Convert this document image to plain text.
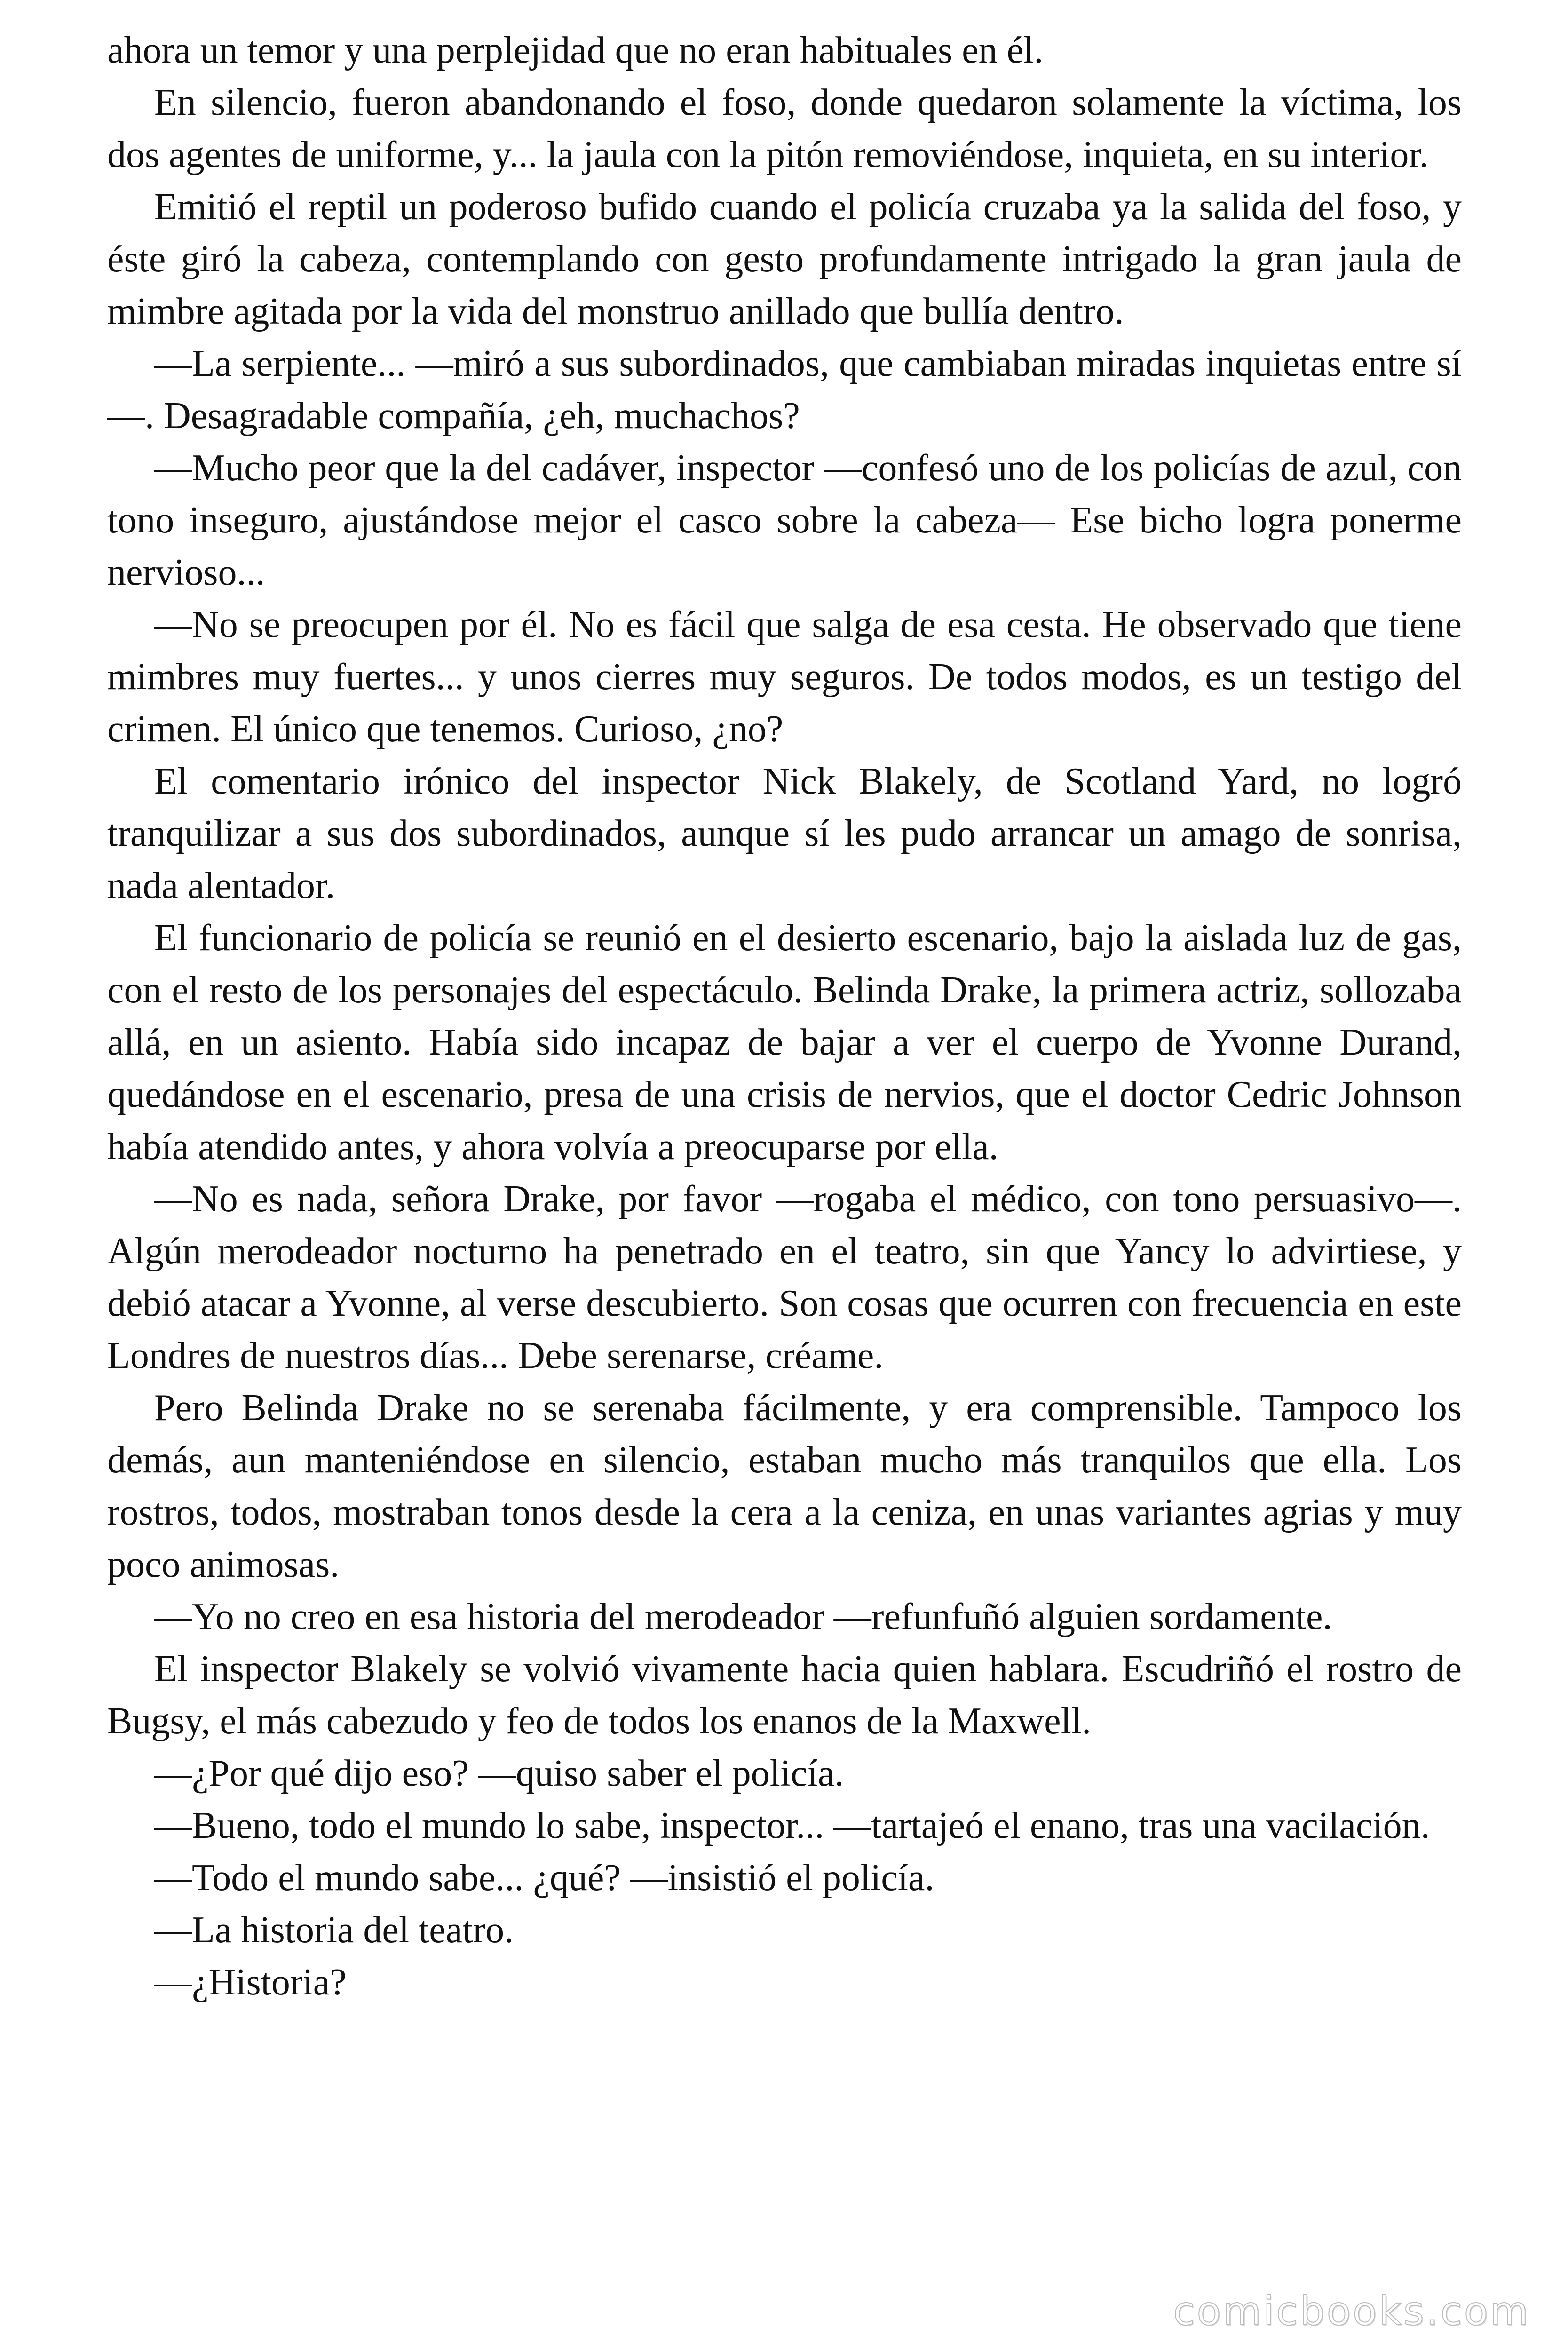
ahora un temor y una perplejidad que no eran habituales en él.

En silencio, fueron abandonando el foso, donde quedaron solamente la víctima, los dos agentes de uniforme, y... la jaula con la pitón removiéndose, inquieta, en su interior.

Emitió el reptil un poderoso bufido cuando el policía cruzaba ya la salida del foso, y éste giró la cabeza, contemplando con gesto profundamente intrigado la gran jaula de mimbre agitada por la vida del monstruo anillado que bullía dentro.

—La serpiente... —miró a sus subordinados, que cambiaban miradas inquietas entre sí—. Desagradable compañía, ¿eh, muchachos?

—Mucho peor que la del cadáver, inspector —confesó uno de los policías de azul, con tono inseguro, ajustándose mejor el casco sobre la cabeza— Ese bicho logra ponerme nervioso...

—No se preocupen por él. No es fácil que salga de esa cesta. He observado que tiene mimbres muy fuertes... y unos cierres muy seguros. De todos modos, es un testigo del crimen. El único que tenemos. Curioso, ¿no?

El comentario irónico del inspector Nick Blakely, de Scotland Yard, no logró tranquilizar a sus dos subordinados, aunque sí les pudo arrancar un amago de sonrisa, nada alentador.

El funcionario de policía se reunió en el desierto escenario, bajo la aislada luz de gas, con el resto de los personajes del espectáculo. Belinda Drake, la primera actriz, sollozaba allá, en un asiento. Había sido incapaz de bajar a ver el cuerpo de Yvonne Durand, quedándose en el escenario, presa de una crisis de nervios, que el doctor Cedric Johnson había atendido antes, y ahora volvía a preocuparse por ella.

—No es nada, señora Drake, por favor —rogaba el médico, con tono persuasivo—. Algún merodeador nocturno ha penetrado en el teatro, sin que Yancy lo advirtiese, y debió atacar a Yvonne, al verse descubierto. Son cosas que ocurren con frecuencia en este Londres de nuestros días... Debe serenarse, créame.

Pero Belinda Drake no se serenaba fácilmente, y era comprensible. Tampoco los demás, aun manteniéndose en silencio, estaban mucho más tranquilos que ella. Los rostros, todos, mostraban tonos desde la cera a la ceniza, en unas variantes agrias y muy poco animosas.

—Yo no creo en esa historia del merodeador —refunfuñó alguien sordamente.

El inspector Blakely se volvió vivamente hacia quien hablara. Escudriñó el rostro de Bugsy, el más cabezudo y feo de todos los enanos de la Maxwell.

—¿Por qué dijo eso? —quiso saber el policía.

—Bueno, todo el mundo lo sabe, inspector... —tartajeó el enano, tras una vacilación.

—Todo el mundo sabe... ¿qué? —insistió el policía.

—La historia del teatro.

—¿Historia?

comicbooks.com
